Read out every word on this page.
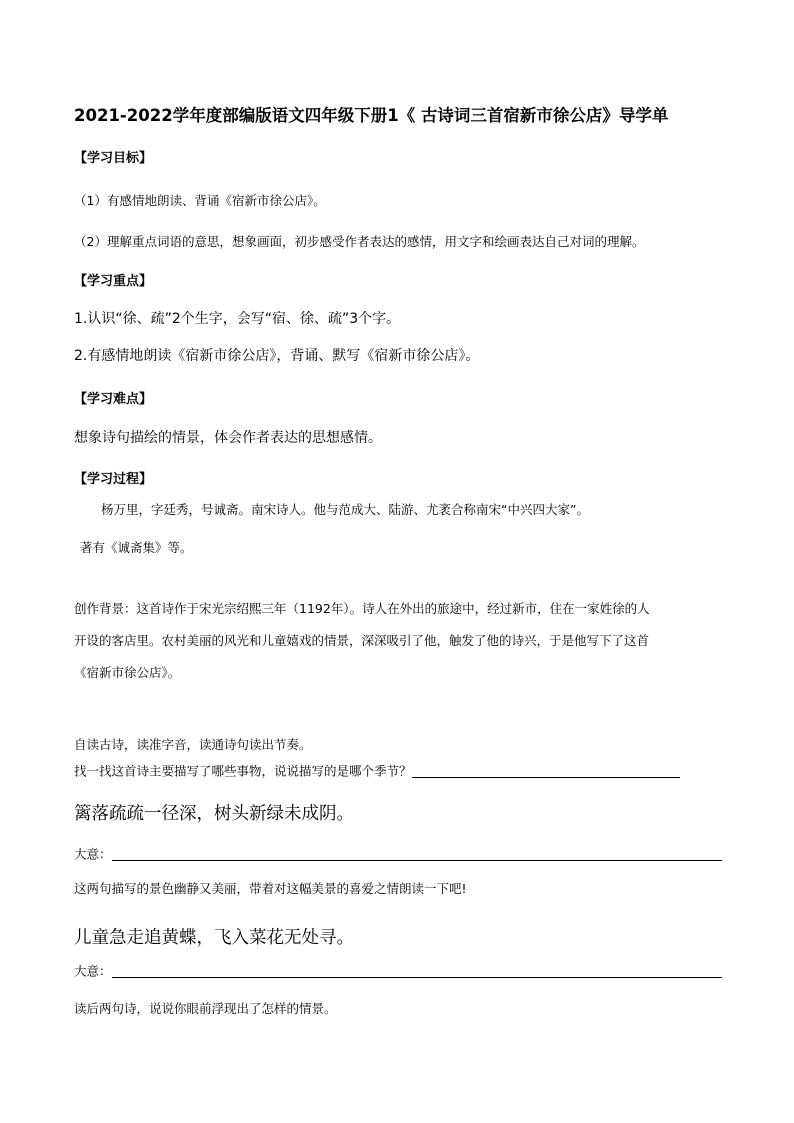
2021-2022学年度部编版语文四年级下册1《 古诗词三首宿新市徐公店》导学单
【学习目标】
（1）有感情地朗读、背诵《宿新市徐公店》。
（2）理解重点词语的意思，想象画面，初步感受作者表达的感情，用文字和绘画表达自己对词的理解。
【学习重点】
1.认识“徐、疏”2个生字，会写“宿、徐、疏”3个字。
2.有感情地朗读《宿新市徐公店》，背诵、默写《宿新市徐公店》。
【学习难点】
想象诗句描绘的情景，体会作者表达的思想感情。
【学习过程】
杨万里，字廷秀，号诚斋。南宋诗人。他与范成大、陆游、尤袤合称南宋“中兴四大家”。
著有《诚斋集》等。
创作背景：这首诗作于宋光宗绍熙三年（1192年）。诗人在外出的旅途中，经过新市，住在一家姓徐的人
开设的客店里。农村美丽的风光和儿童嬉戏的情景，深深吸引了他，触发了他的诗兴，于是他写下了这首
《宿新市徐公店》。
自读古诗，读准字音，读通诗句读出节奏。
找一找这首诗主要描写了哪些事物，说说描写的是哪个季节？
篱落疏疏一径深，树头新绿未成阴。
大意：
这两句描写的景色幽静又美丽，带着对这幅美景的喜爱之情朗读一下吧!
儿童急走追黄蝶，飞入菜花无处寻。
大意：
读后两句诗，说说你眼前浮现出了怎样的情景。
